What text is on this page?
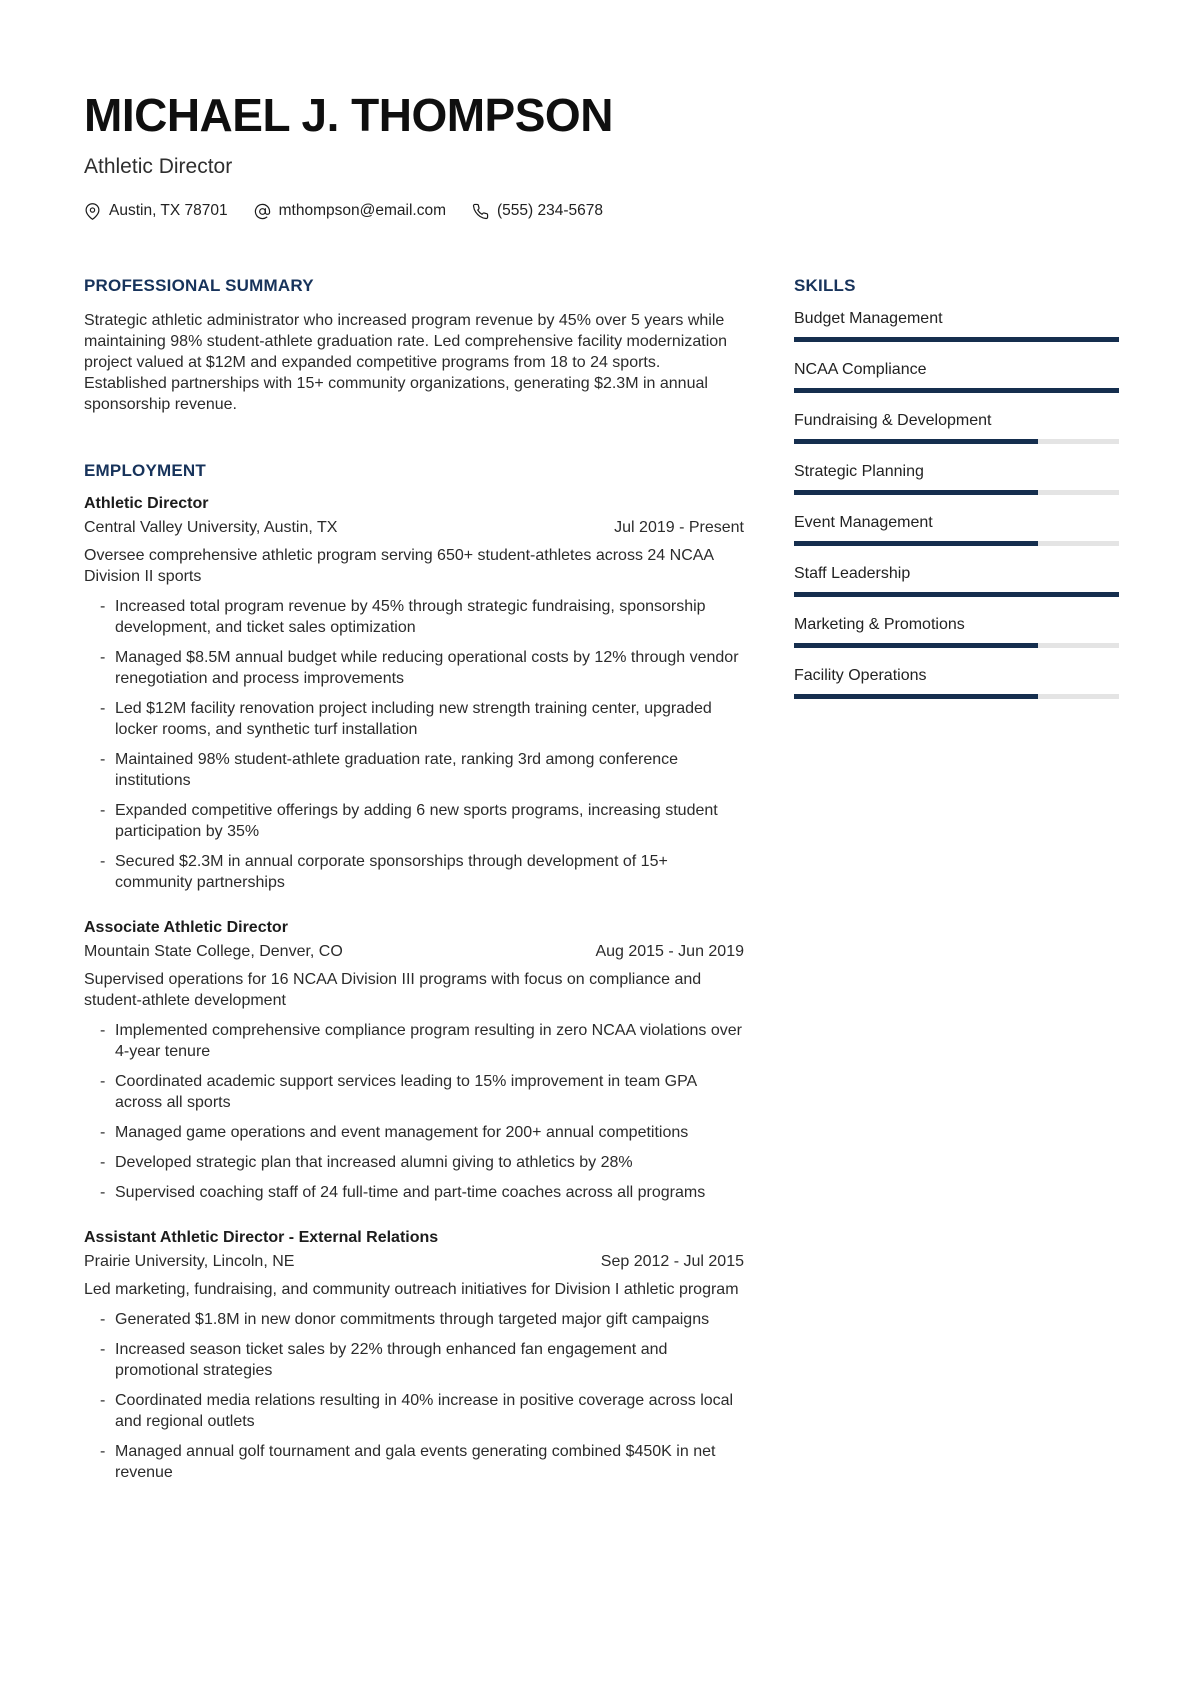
MICHAEL J. THOMPSON
Athletic Director
Austin, TX 78701	mthompson@email.com	(555) 234-5678
PROFESSIONAL SUMMARY

Strategic athletic administrator who increased program revenue by 45% over 5 years while maintaining 98% student-athlete graduation rate. Led comprehensive facility modernization project valued at $12M and expanded competitive programs from 18 to 24 sports. Established partnerships with 15+ community organizations, generating $2.3M in annual sponsorship revenue.

EMPLOYMENT
Athletic Director
Central Valley University, Austin, TX	Jul 2019 - Present

Oversee comprehensive athletic program serving 650+ student-athletes across 24 NCAA Division II sports

- Increased total program revenue by 45% through strategic fundraising, sponsorship development, and ticket sales optimization
- Managed $8.5M annual budget while reducing operational costs by 12% through vendor renegotiation and process improvements
- Led $12M facility renovation project including new strength training center, upgraded locker rooms, and synthetic turf installation
- Maintained 98% student-athlete graduation rate, ranking 3rd among conference institutions
- Expanded competitive offerings by adding 6 new sports programs, increasing student participation by 35%
- Secured $2.3M in annual corporate sponsorships through development of 15+ community partnerships
Associate Athletic Director
Mountain State College, Denver, CO	Aug 2015 - Jun 2019

Supervised operations for 16 NCAA Division III programs with focus on compliance and student-athlete development

- Implemented comprehensive compliance program resulting in zero NCAA violations over 4-year tenure
- Coordinated academic support services leading to 15% improvement in team GPA across all sports
- Managed game operations and event management for 200+ annual competitions
- Developed strategic plan that increased alumni giving to athletics by 28%
- Supervised coaching staff of 24 full-time and part-time coaches across all programs
Assistant Athletic Director - External Relations
Prairie University, Lincoln, NE	Sep 2012 - Jul 2015

Led marketing, fundraising, and community outreach initiatives for Division I athletic program

- Generated $1.8M in new donor commitments through targeted major gift campaigns
- Increased season ticket sales by 22% through enhanced fan engagement and promotional strategies
- Coordinated media relations resulting in 40% increase in positive coverage across local and regional outlets
- Managed annual golf tournament and gala events generating combined $450K in net revenue
SKILLS
Budget Management
NCAA Compliance
Fundraising & Development
Strategic Planning
Event Management
Staff Leadership
Marketing & Promotions
Facility Operations
